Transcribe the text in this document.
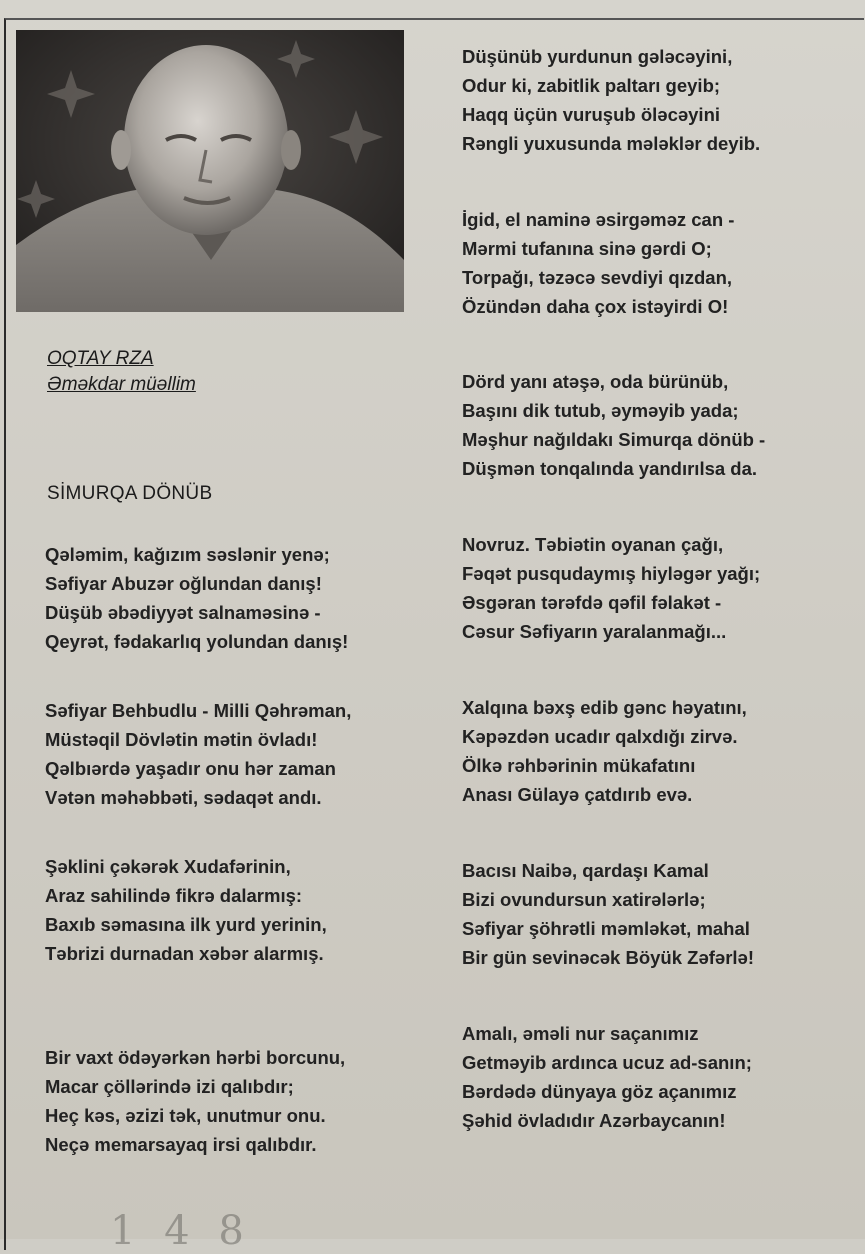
OQTAY RZA
Əməkdar müəllim
SİMURQA DÖNÜB
Qələmim, kağızım səslənir yenə;
Səfiyar Abuzər oğlundan danış!
Düşüb əbədiyyət salnaməsinə -
Qeyrət, fədakarlıq yolundan danış!
Səfiyar Behbudlu - Milli Qəhrəman,
Müstəqil Dövlətin mətin övladı!
Qəlbıərdə yaşadır onu hər zaman
Vətən məhəbbəti, sədaqət andı.
Şəklini çəkərək Xudafərinin,
Araz sahilində fikrə dalarmış:
Baxıb səmasına ilk yurd yerinin,
Təbrizi durnadan xəbər alarmış.
Bir vaxt ödəyərkən hərbi borcunu,
Macar çöllərində izi qalıbdır;
Heç kəs, əzizi tək, unutmur onu.
Neçə memarsayaq irsi qalıbdır.
Düşünüb yurdunun gələcəyini,
Odur ki, zabitlik paltarı geyib;
Haqq üçün vuruşub öləcəyini
Rəngli yuxusunda mələklər deyib.
İgid, el naminə əsirgəməz can -
Mərmi tufanına sinə gərdi O;
Torpağı, təzəcə sevdiyi qızdan,
Özündən daha çox istəyirdi O!
Dörd yanı atəşə, oda bürünüb,
Başını dik tutub, əyməyib yada;
Məşhur nağıldakı Simurqa dönüb -
Düşmən tonqalında yandırılsa da.
Novruz. Təbiətin oyanan çağı,
Fəqət pusqudaymış hiyləgər yağı;
Əsgəran tərəfdə qəfil fəlakət -
Cəsur Səfiyarın yaralanmağı...
Xalqına bəxş edib gənc həyatını,
Kəpəzdən ucadır qalxdığı zirvə.
Ölkə rəhbərinin mükafatını
Anası Gülayə çatdırıb evə.
Bacısı Naibə, qardaşı Kamal
Bizi ovundursun xatirələrlə;
Səfiyar şöhrətli məmləkət, mahal
Bir gün sevinəcək Böyük Zəfərlə!
Amalı, əməli nur saçanımız
Getməyib ardınca ucuz ad-sanın;
Bərdədə dünyaya göz açanımız
Şəhid övladıdır Azərbaycanın!
1 4 8
